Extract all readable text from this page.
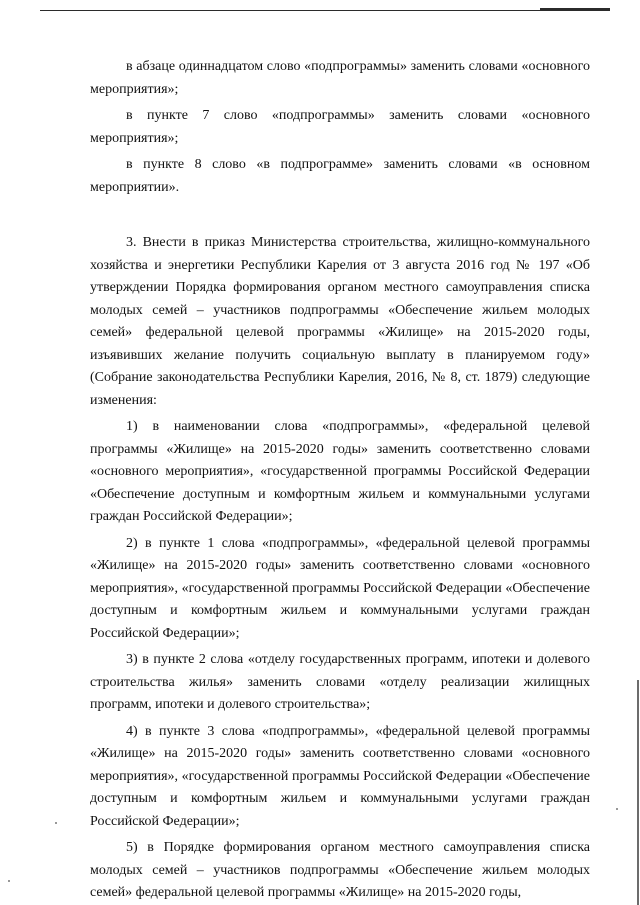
в абзаце одиннадцатом слово «подпрограммы» заменить словами «основного мероприятия»;

в пункте 7 слово «подпрограммы» заменить словами «основного мероприятия»;

в пункте 8 слово «в подпрограмме» заменить словами «в основном мероприятии».

3. Внести в приказ Министерства строительства, жилищно-коммунального хозяйства и энергетики Республики Карелия от 3 августа 2016 год № 197 «Об утверждении Порядка формирования органом местного самоуправления списка молодых семей – участников подпрограммы «Обеспечение жильем молодых семей» федеральной целевой программы «Жилище» на 2015-2020 годы, изъявивших желание получить социальную выплату в планируемом году» (Собрание законодательства Республики Карелия, 2016, № 8, ст. 1879) следующие изменения:

1) в наименовании слова «подпрограммы», «федеральной целевой программы «Жилище» на 2015-2020 годы» заменить соответственно словами «основного мероприятия», «государственной программы Российской Федерации «Обеспечение доступным и комфортным жильем и коммунальными услугами граждан Российской Федерации»;

2) в пункте 1 слова «подпрограммы», «федеральной целевой программы «Жилище» на 2015-2020 годы» заменить соответственно словами «основного мероприятия», «государственной программы Российской Федерации «Обеспечение доступным и комфортным жильем и коммунальными услугами граждан Российской Федерации»;

3) в пункте 2 слова «отделу государственных программ, ипотеки и долевого строительства жилья» заменить словами «отделу реализации жилищных программ, ипотеки и долевого строительства»;

4) в пункте 3 слова «подпрограммы», «федеральной целевой программы «Жилище» на 2015-2020 годы» заменить соответственно словами «основного мероприятия», «государственной программы Российской Федерации «Обеспечение доступным и комфортным жильем и коммунальными услугами граждан Российской Федерации»;

5) в Порядке формирования органом местного самоуправления списка молодых семей – участников подпрограммы «Обеспечение жильем молодых семей» федеральной целевой программы «Жилище» на 2015-2020 годы,
